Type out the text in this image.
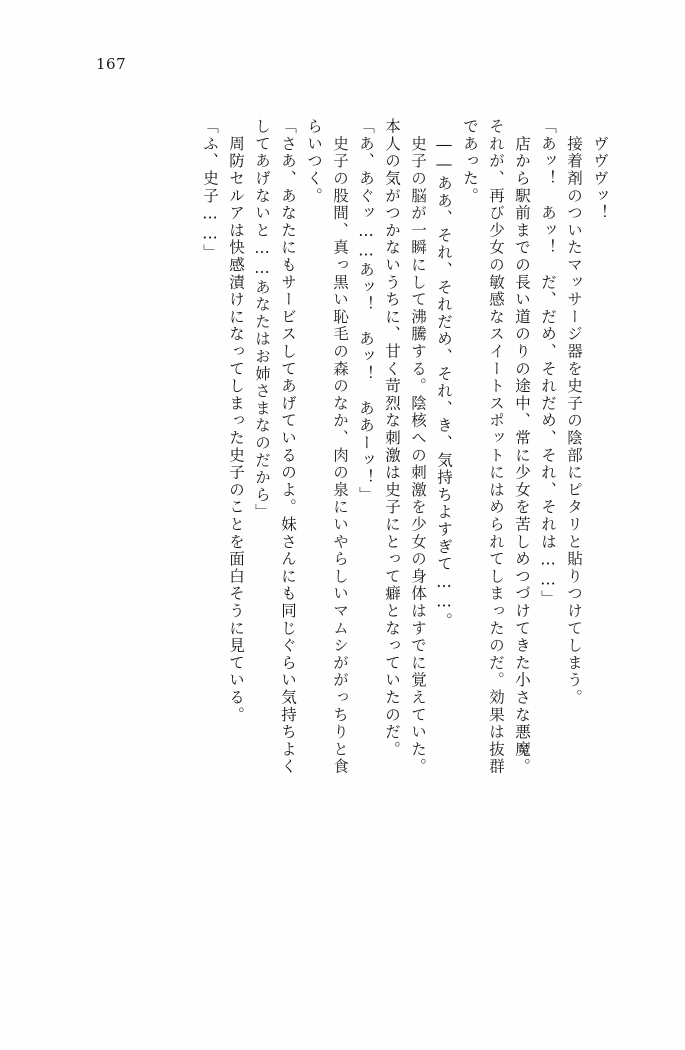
167
　ヴヴヴッ！
　接着剤のついたマッサージ器を史子の陰部にピタリと貼りつけてしまう。
「あッ！　あッ！　だ、だめ、それだめ、それ、それは……」
　店から駅前までの長い道のりの途中、常に少女を苦しめつづけてきた小さな悪魔。
それが、再び少女の敏感なスイートスポットにはめられてしまったのだ。効果は抜群
であった。
　――ああ、それ、それだめ、それ、き、気持ちよすぎて……。
　史子の脳が一瞬にして沸騰する。陰核への刺激を少女の身体はすでに覚えていた。
本人の気がつかないうちに、甘く苛烈な刺激は史子にとって癖となっていたのだ。
「あ、あぐッ……あッ！　あッ！　ああーッ！」
　史子の股間、真っ黒い恥毛の森のなか、肉の泉にいやらしいマムシががっちりと食
らいつく。
「さあ、あなたにもサービスしてあげているのよ。妹さんにも同じぐらい気持ちよく
してあげないと……あなたはお姉さまなのだから」
　周防セルアは快感漬けになってしまった史子のことを面白そうに見ている。
「ふ、史子……」
